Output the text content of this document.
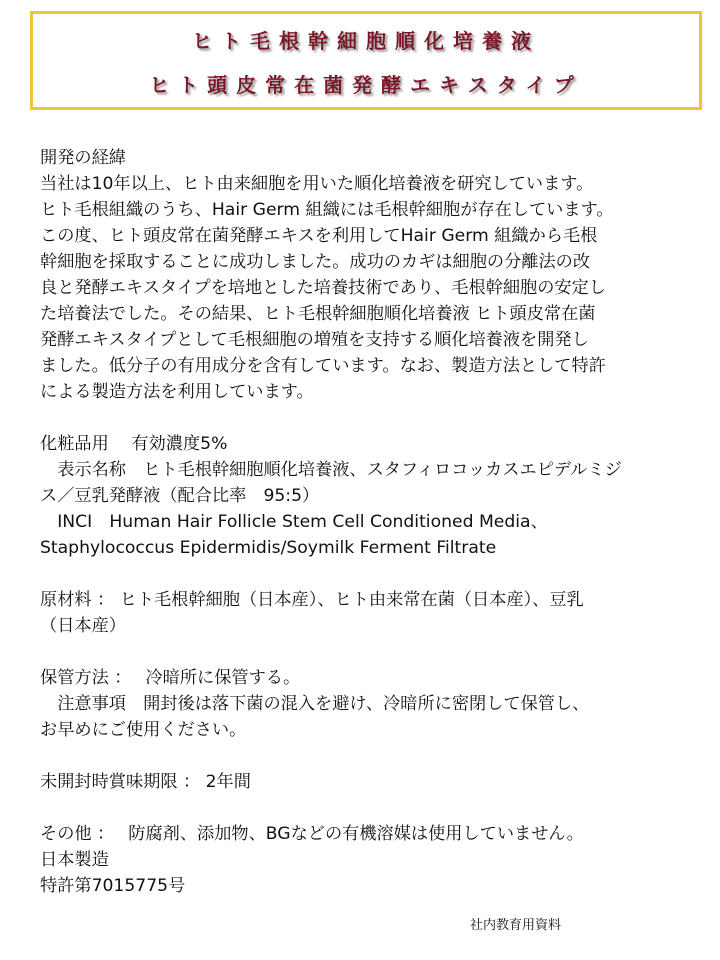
ヒト毛根幹細胞順化培養液
ヒト頭皮常在菌発酵エキスタイプ
開発の経緯
当社は10年以上、ヒト由来細胞を用いた順化培養液を研究しています。
ヒト毛根組織のうち、Hair Germ 組織には毛根幹細胞が存在しています。
この度、ヒト頭皮常在菌発酵エキスを利用してHair Germ 組織から毛根
幹細胞を採取することに成功しました。成功のカギは細胞の分離法の改
良と発酵エキスタイプを培地とした培養技術であり、毛根幹細胞の安定し
た培養法でした。その結果、ヒト毛根幹細胞順化培養液 ヒト頭皮常在菌
発酵エキスタイプとして毛根細胞の増殖を支持する順化培養液を開発し
ました。低分子の有用成分を含有しています。なお、製造方法として特許
による製造方法を利用しています。
化粧品用　 有効濃度5%
　表示名称　ヒト毛根幹細胞順化培養液、スタフィロコッカスエピデルミジ
ス／豆乳発酵液（配合比率　95:5）
　INCI　Human Hair Follicle Stem Cell Conditioned Media、
Staphylococcus Epidermidis/Soymilk Ferment Filtrate
原材料 ： ヒト毛根幹細胞（日本産）、ヒト由来常在菌（日本産）、豆乳
（日本産）
保管方法 ：　 冷暗所に保管する。
　注意事項　開封後は落下菌の混入を避け、冷暗所に密閉して保管し、
お早めにご使用ください。
未開封時賞味期限 ： 2年間
その他 ：　 防腐剤、添加物、BGなどの有機溶媒は使用していません。
日本製造
特許第7015775号
社内教育用資料
